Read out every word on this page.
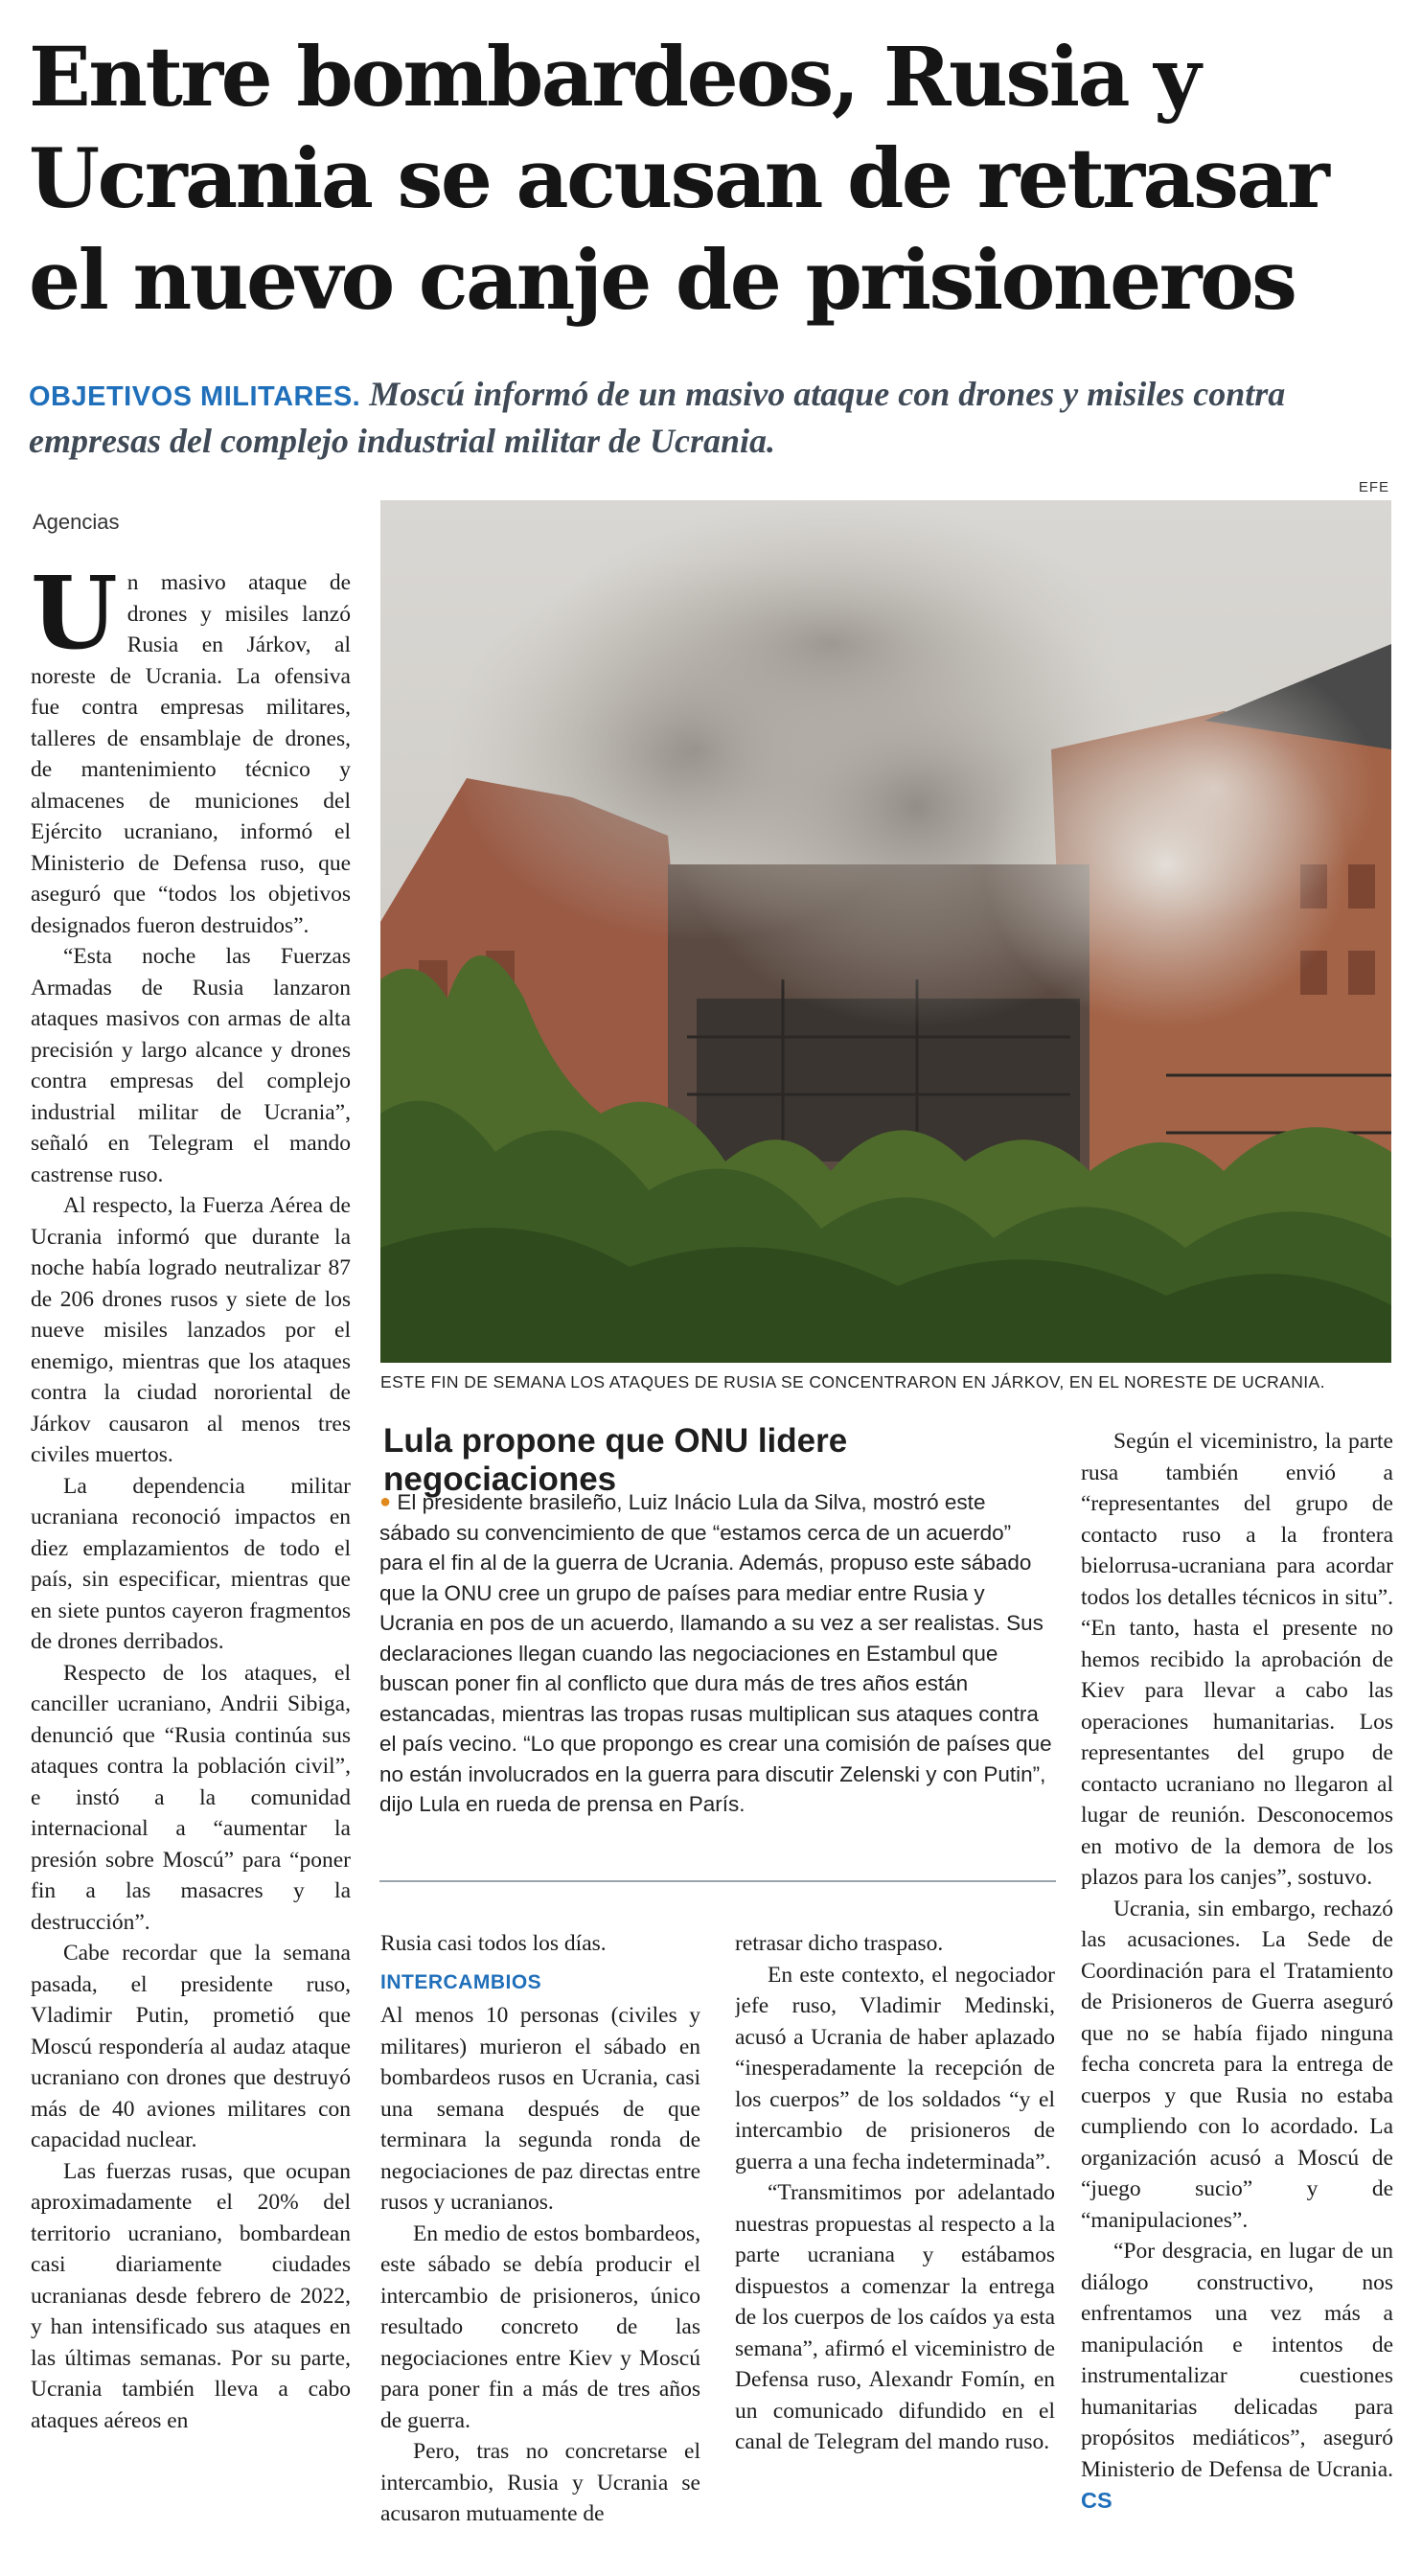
Entre bombardeos, Rusia y Ucrania se acusan de retrasar el nuevo canje de prisioneros
OBJETIVOS MILITARES. Moscú informó de un masivo ataque con drones y misiles contra empresas del complejo industrial militar de Ucrania.
Agencias

Un masivo ataque de drones y misiles lanzó Rusia en Járkov, al noreste de Ucrania. La ofensiva fue contra empresas militares, talleres de ensamblaje de drones, de mantenimiento técnico y almacenes de municiones del Ejército ucraniano, informó el Ministerio de Defensa ruso, que aseguró que “todos los objetivos designados fueron destruidos”.

“Esta noche las Fuerzas Armadas de Rusia lanzaron ataques masivos con armas de alta precisión y largo alcance y drones contra empresas del complejo industrial militar de Ucrania”, señaló en Telegram el mando castrense ruso.

Al respecto, la Fuerza Aérea de Ucrania informó que durante la noche había logrado neutralizar 87 de 206 drones rusos y siete de los nueve misiles lanzados por el enemigo, mientras que los ataques contra la ciudad nororiental de Járkov causaron al menos tres civiles muertos.

La dependencia militar ucraniana reconoció impactos en diez emplazamientos de todo el país, sin especificar, mientras que en siete puntos cayeron fragmentos de drones derribados.

Respecto de los ataques, el canciller ucraniano, Andrii Sibiga, denunció que “Rusia continúa sus ataques contra la población civil”, e instó a la comunidad internacional a “aumentar la presión sobre Moscú” para “poner fin a las masacres y la destrucción”.

Cabe recordar que la semana pasada, el presidente ruso, Vladimir Putin, prometió que Moscú respondería al audaz ataque ucraniano con drones que destruyó más de 40 aviones militares con capacidad nuclear.

Las fuerzas rusas, que ocupan aproximadamente el 20% del territorio ucraniano, bombardean casi diariamente ciudades ucranianas desde febrero de 2022, y han intensificado sus ataques en las últimas semanas. Por su parte, Ucrania también lleva a cabo ataques aéreos en

EFE
ESTE FIN DE SEMANA LOS ATAQUES DE RUSIA SE CONCENTRARON EN JÁRKOV, EN EL NORESTE DE UCRANIA.
Lula propone que ONU lidere negociaciones
● El presidente brasileño, Luiz Inácio Lula da Silva, mostró este sábado su convencimiento de que “estamos cerca de un acuerdo” para el fin al de la guerra de Ucrania. Además, propuso este sábado que la ONU cree un grupo de países para mediar entre Rusia y Ucrania en pos de un acuerdo, llamando a su vez a ser realistas. Sus declaraciones llegan cuando las negociaciones en Estambul que buscan poner fin al conflicto que dura más de tres años están estancadas, mientras las tropas rusas multiplican sus ataques contra el país vecino. “Lo que propongo es crear una comisión de países que no están involucrados en la guerra para discutir Zelenski y con Putin”, dijo Lula en rueda de prensa en París.

Rusia casi todos los días.

INTERCAMBIOS

Al menos 10 personas (civiles y militares) murieron el sábado en bombardeos rusos en Ucrania, casi una semana después de que terminara la segunda ronda de negociaciones de paz directas entre rusos y ucranianos.

En medio de estos bombardeos, este sábado se debía producir el intercambio de prisioneros, único resultado concreto de las negociaciones entre Kiev y Moscú para poner fin a más de tres años de guerra.

Pero, tras no concretarse el intercambio, Rusia y Ucrania se acusaron mutuamente de

retrasar dicho traspaso.

En este contexto, el negociador jefe ruso, Vladimir Medinski, acusó a Ucrania de haber aplazado “inesperadamente la recepción de los cuerpos” de los soldados “y el intercambio de prisioneros de guerra a una fecha indeterminada”.

“Transmitimos por adelantado nuestras propuestas al respecto a la parte ucraniana y estábamos dispuestos a comenzar la entrega de los cuerpos de los caídos ya esta semana”, afirmó el viceministro de Defensa ruso, Alexandr Fomín, en un comunicado difundido en el canal de Telegram del mando ruso.

Según el viceministro, la parte rusa también envió a “representantes del grupo de contacto ruso a la frontera bielorrusa-ucraniana para acordar todos los detalles técnicos in situ”. “En tanto, hasta el presente no hemos recibido la aprobación de Kiev para llevar a cabo las operaciones humanitarias. Los representantes del grupo de contacto ucraniano no llegaron al lugar de reunión. Desconocemos en motivo de la demora de los plazos para los canjes”, sostuvo.

Ucrania, sin embargo, rechazó las acusaciones. La Sede de Coordinación para el Tratamiento de Prisioneros de Guerra aseguró que no se había fijado ninguna fecha concreta para la entrega de cuerpos y que Rusia no estaba cumpliendo con lo acordado. La organización acusó a Moscú de “juego sucio” y de “manipulaciones”.

“Por desgracia, en lugar de un diálogo constructivo, nos enfrentamos una vez más a manipulación e intentos de instrumentalizar cuestiones humanitarias delicadas para propósitos mediáticos”, aseguró Ministerio de Defensa de Ucrania. CS
